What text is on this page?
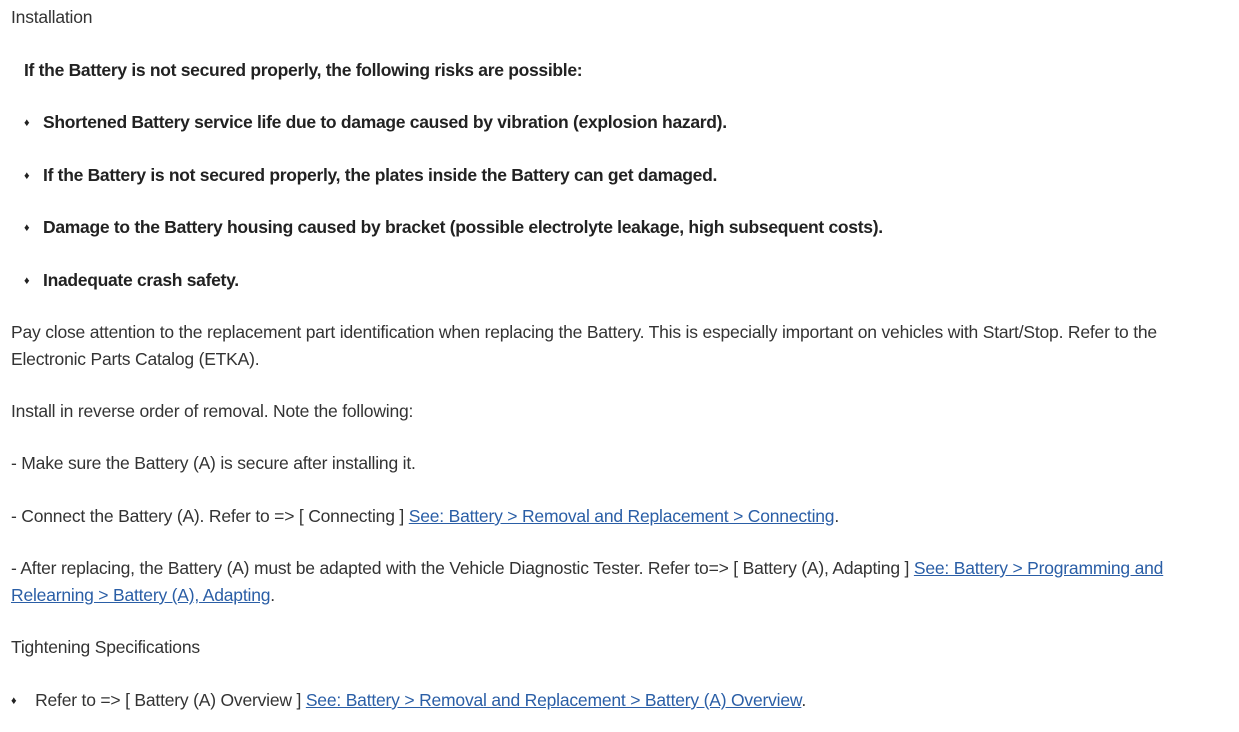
Installation
If the Battery is not secured properly, the following risks are possible:
♦ Shortened Battery service life due to damage caused by vibration (explosion hazard).
♦ If the Battery is not secured properly, the plates inside the Battery can get damaged.
♦ Damage to the Battery housing caused by bracket (possible electrolyte leakage, high subsequent costs).
♦ Inadequate crash safety.
Pay close attention to the replacement part identification when replacing the Battery. This is especially important on vehicles with Start/Stop. Refer to the Electronic Parts Catalog (ETKA).
Install in reverse order of removal. Note the following:
- Make sure the Battery (A) is secure after installing it.
- Connect the Battery (A). Refer to => [ Connecting ] See: Battery > Removal and Replacement > Connecting.
- After replacing, the Battery (A) must be adapted with the Vehicle Diagnostic Tester. Refer to=> [ Battery (A), Adapting ] See: Battery > Programming and Relearning > Battery (A), Adapting.
Tightening Specifications
♦ Refer to => [ Battery (A) Overview ] See: Battery > Removal and Replacement > Battery (A) Overview.
